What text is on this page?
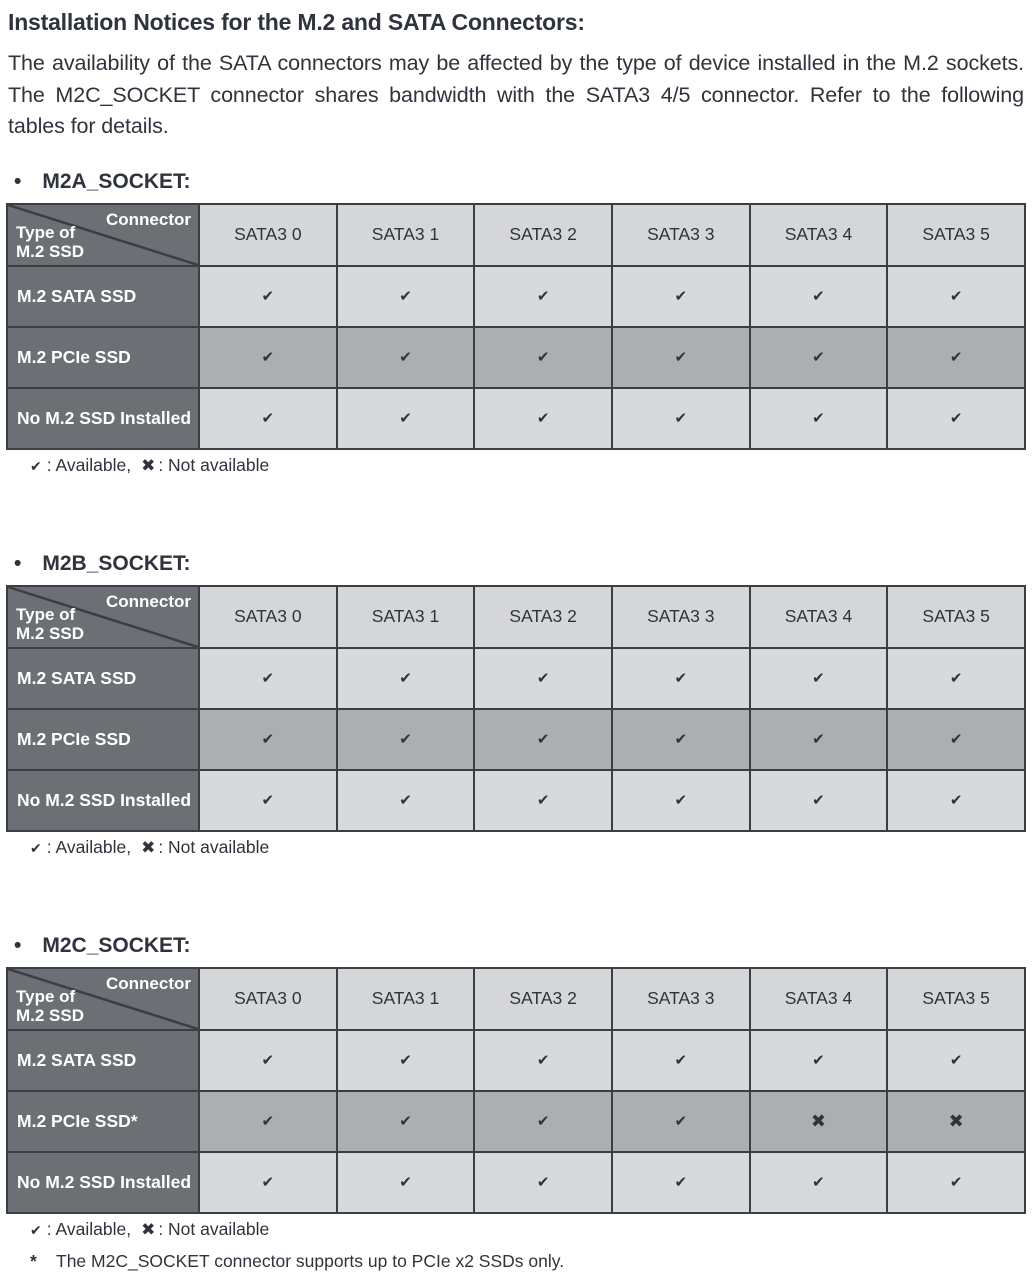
Installation Notices for the M.2 and SATA Connectors:

The availability of the SATA connectors may be affected by the type of device installed in the M.2 sockets. The M2C_SOCKET connector shares bandwidth with the SATA3 4/5 connector. Refer to the following tables for details.

• M2A_SOCKET:
Connector
Type of
M.2 SSD	SATA3 0	SATA3 1	SATA3 2	SATA3 3	SATA3 4	SATA3 5
M.2 SATA SSD	✔	✔	✔	✔	✔	✔
M.2 PCIe SSD	✔	✔	✔	✔	✔	✔
No M.2 SSD Installed	✔	✔	✔	✔	✔	✔
✔ : Available, ✖ : Not available
• M2B_SOCKET:
Connector
Type of
M.2 SSD	SATA3 0	SATA3 1	SATA3 2	SATA3 3	SATA3 4	SATA3 5
M.2 SATA SSD	✔	✔	✔	✔	✔	✔
M.2 PCIe SSD	✔	✔	✔	✔	✔	✔
No M.2 SSD Installed	✔	✔	✔	✔	✔	✔
✔ : Available, ✖ : Not available
• M2C_SOCKET:
Connector
Type of
M.2 SSD	SATA3 0	SATA3 1	SATA3 2	SATA3 3	SATA3 4	SATA3 5
M.2 SATA SSD	✔	✔	✔	✔	✔	✔
M.2 PCIe SSD*	✔	✔	✔	✔	✖	✖
No M.2 SSD Installed	✔	✔	✔	✔	✔	✔
✔ : Available, ✖ : Not available
*	The M2C_SOCKET connector supports up to PCIe x2 SSDs only.
